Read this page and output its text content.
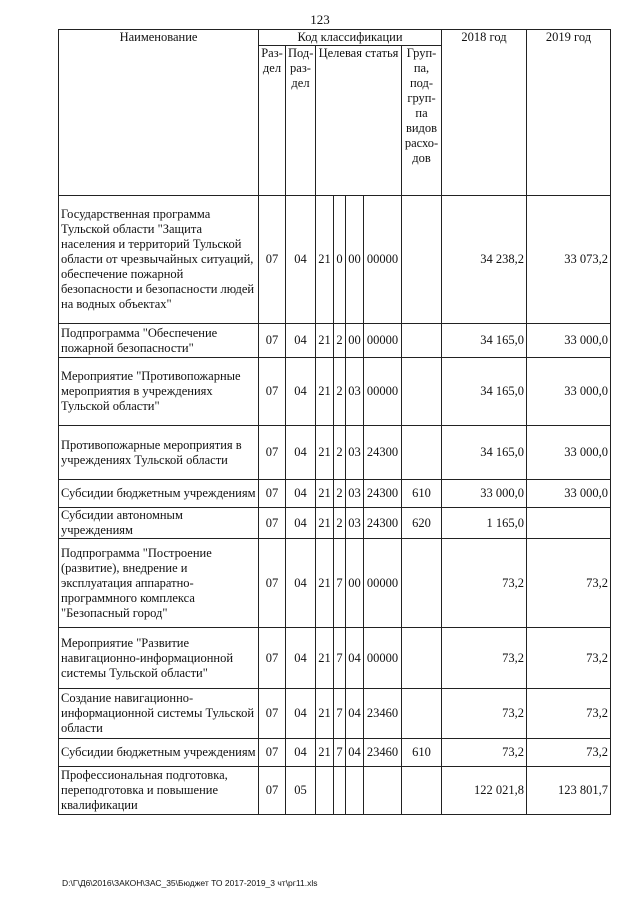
123
Наименование	Код классификации							2018 год	2019 год
	Раз-дел	Под-раз-дел	Целевая статья				Груп-па, под-груп-па видов расхо-дов		
Государственная программа Тульской области "Защита населения и территорий Тульской области от чрезвычайных ситуаций, обеспечение пожарной безопасности и безопасности людей на водных объектах"	07	04	21	0	00	00000		34 238,2	33 073,2
Подпрограмма "Обеспечение пожарной безопасности"	07	04	21	2	00	00000		34 165,0	33 000,0
Мероприятие "Противопожарные мероприятия в учреждениях Тульской области"	07	04	21	2	03	00000		34 165,0	33 000,0
Противопожарные мероприятия в учреждениях Тульской области	07	04	21	2	03	24300		34 165,0	33 000,0
Субсидии бюджетным учреждениям	07	04	21	2	03	24300	610	33 000,0	33 000,0
Субсидии автономным учреждениям	07	04	21	2	03	24300	620	1 165,0	
Подпрограмма "Построение (развитие), внедрение и эксплуатация аппаратно-программного комплекса "Безопасный город"	07	04	21	7	00	00000		73,2	73,2
Мероприятие "Развитие навигационно-информационной системы Тульской области"	07	04	21	7	04	00000		73,2	73,2
Создание навигационно-информационной системы Тульской области	07	04	21	7	04	23460		73,2	73,2
Субсидии бюджетным учреждениям	07	04	21	7	04	23460	610	73,2	73,2
Профессиональная подготовка, переподготовка и повышение квалификации	07	05						122 021,8	123 801,7
D:\Г\Д6\2016\ЗАКОН\ЗАС_35\Бюджет ТО 2017-2019_3 чт\рг11.xls
